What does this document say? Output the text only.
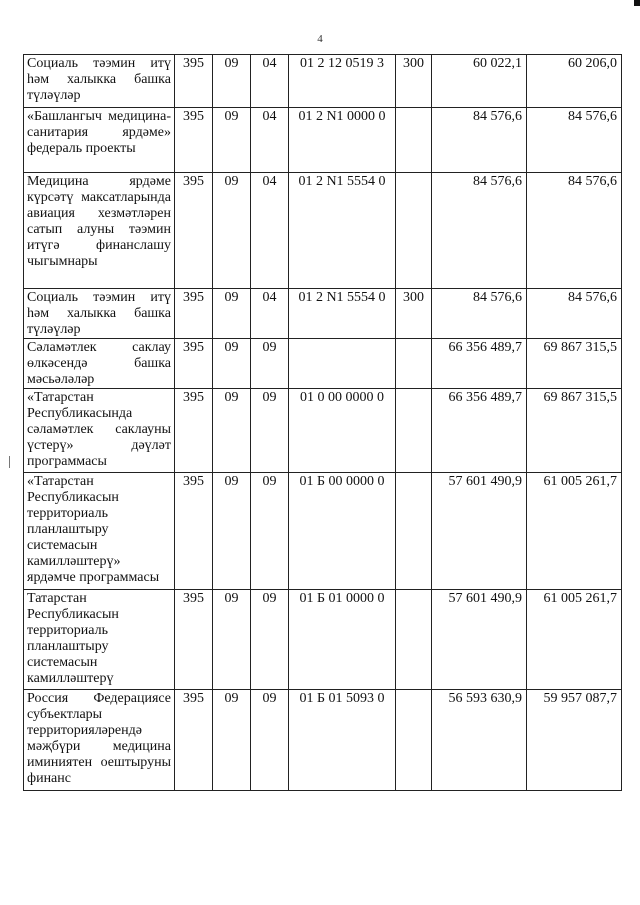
4
Социаль тәэмин итү һәм халыкка башка түләүләр	395	09	04	01 2 12 0519 3	300	60 022,1	60 206,0
«Башлангыч медицина-санитария ярдәме» федераль проекты	395	09	04	01 2 N1 0000 0		84 576,6	84 576,6
Медицина ярдәме күрсәтү максатларында авиация хезмәтләрен сатып алуны тәэмин итүгә финанслашу чыгымнары	395	09	04	01 2 N1 5554 0		84 576,6	84 576,6
Социаль тәэмин итү һәм халыкка башка түләүләр	395	09	04	01 2 N1 5554 0	300	84 576,6	84 576,6
Сәламәтлек саклау өлкәсендә башка мәсьәләләр	395	09	09			66 356 489,7	69 867 315,5
«Татарстан Республикасында сәламәтлек саклауны үстерү» дәүләт программасы	395	09	09	01 0 00 0000 0		66 356 489,7	69 867 315,5
«Татарстан Республикасын территориаль планлаштыру системасын камилләштерү» ярдәмче программасы	395	09	09	01 Б 00 0000 0		57 601 490,9	61 005 261,7
Татарстан Республикасын территориаль планлаштыру системасын камилләштерү	395	09	09	01 Б 01 0000 0		57 601 490,9	61 005 261,7
Россия Федерациясе субъектлары территорияләрендә мәҗбүри медицина иминиятен оештыруны финанс	395	09	09	01 Б 01 5093 0		56 593 630,9	59 957 087,7
